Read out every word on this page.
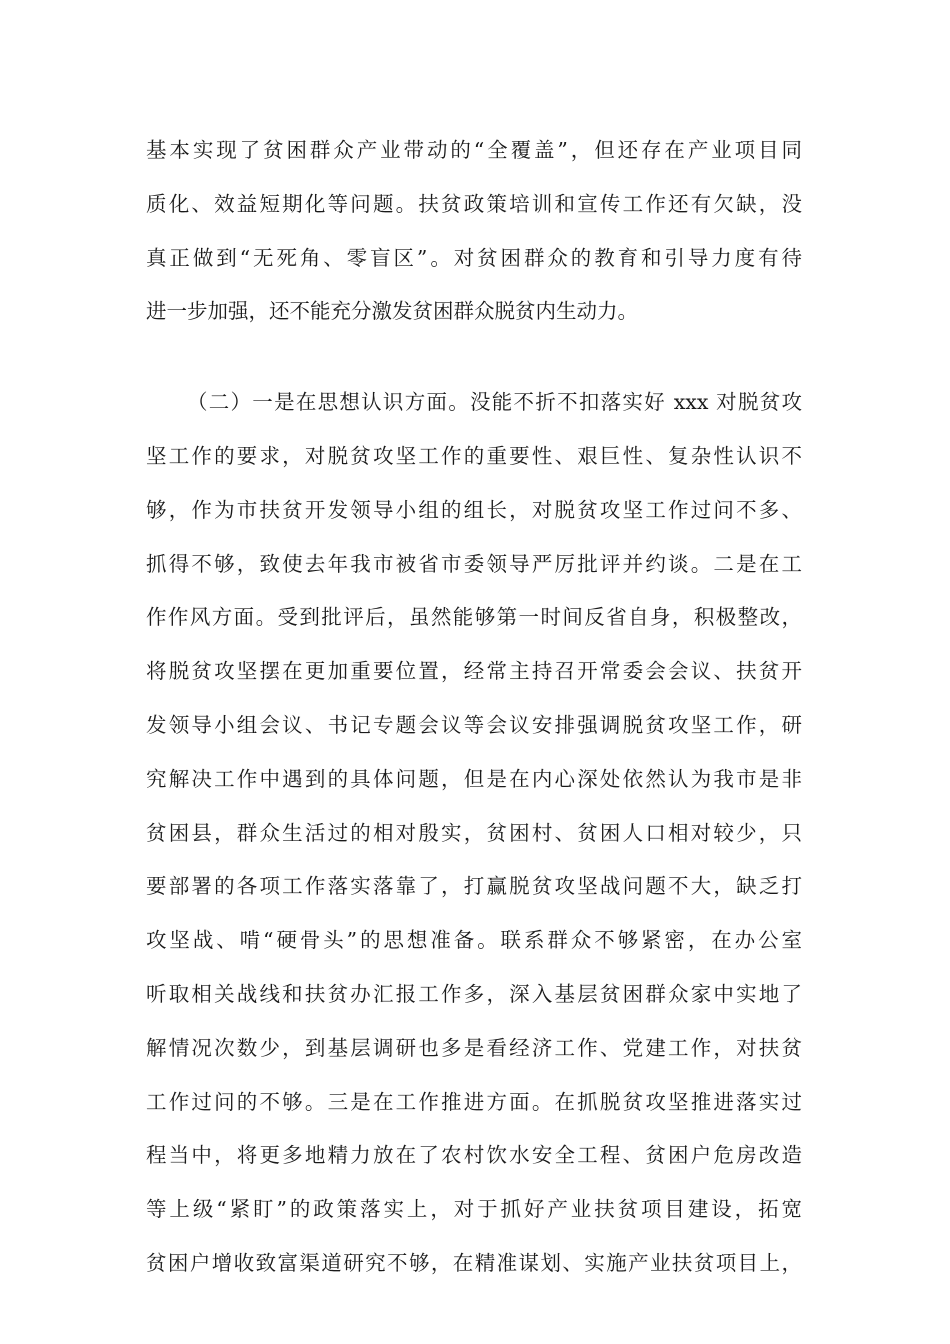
基本实现了贫困群众产业带动的“全覆盖”，但还存在产业项目同
质化、效益短期化等问题。扶贫政策培训和宣传工作还有欠缺，没
真正做到“无死角、零盲区”。对贫困群众的教育和引导力度有待
进一步加强，还不能充分激发贫困群众脱贫内生动力。
（二）一是在思想认识方面。没能不折不扣落实好 xxx 对脱贫攻
坚工作的要求，对脱贫攻坚工作的重要性、艰巨性、复杂性认识不
够，作为市扶贫开发领导小组的组长，对脱贫攻坚工作过问不多、
抓得不够，致使去年我市被省市委领导严厉批评并约谈。二是在工
作作风方面。受到批评后，虽然能够第一时间反省自身，积极整改，
将脱贫攻坚摆在更加重要位置，经常主持召开常委会会议、扶贫开
发领导小组会议、书记专题会议等会议安排强调脱贫攻坚工作，研
究解决工作中遇到的具体问题，但是在内心深处依然认为我市是非
贫困县，群众生活过的相对殷实，贫困村、贫困人口相对较少，只
要部署的各项工作落实落靠了，打赢脱贫攻坚战问题不大，缺乏打
攻坚战、啃“硬骨头”的思想准备。联系群众不够紧密，在办公室
听取相关战线和扶贫办汇报工作多，深入基层贫困群众家中实地了
解情况次数少，到基层调研也多是看经济工作、党建工作，对扶贫
工作过问的不够。三是在工作推进方面。在抓脱贫攻坚推进落实过
程当中，将更多地精力放在了农村饮水安全工程、贫困户危房改造
等上级“紧盯”的政策落实上，对于抓好产业扶贫项目建设，拓宽
贫困户增收致富渠道研究不够，在精准谋划、实施产业扶贫项目上，
